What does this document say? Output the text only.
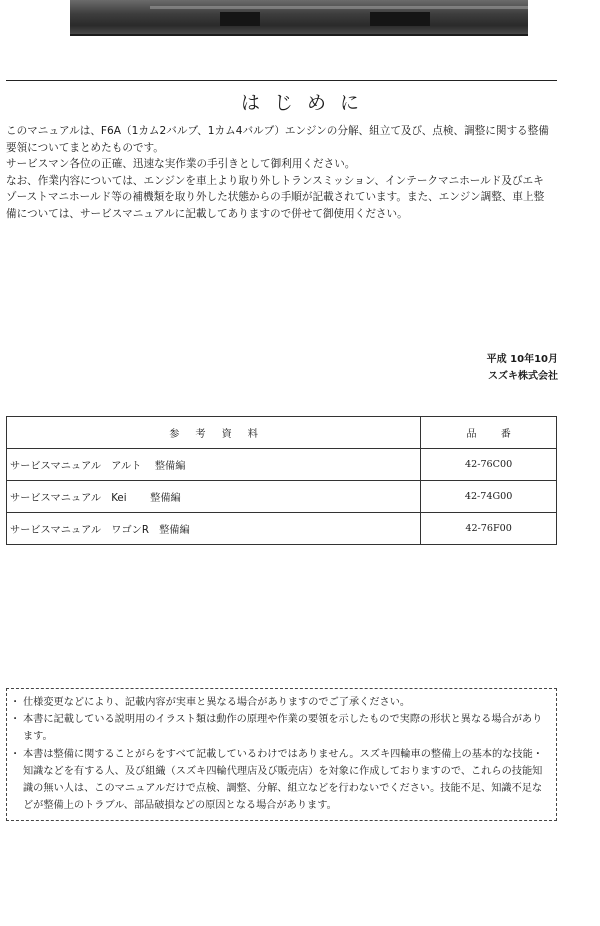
はじめに

このマニュアルは、F6A（1カム2バルブ、1カム4バルブ）エンジンの分解、組立て及び、点検、調整に関する整備

要領についてまとめたものです。

サービスマン各位の正確、迅速な実作業の手引きとして御利用ください。

なお、作業内容については、エンジンを車上より取り外しトランスミッション、インテークマニホールド及びエキ

ゾーストマニホールド等の補機類を取り外した状態からの手順が記載されています。また、エンジン調整、車上整

備については、サービスマニュアルに記載してありますので併せて御使用ください。

平成 10年10月
スズキ株式会社
参考資料	品番
サービスマニュアル　アルト　 整備編	42-76C00
サービスマニュアル　Kei　　 整備編	42-74G00
サービスマニュアル　ワゴンR　整備編	42-76F00
・ 仕様変更などにより、記載内容が実車と異なる場合がありますのでご了承ください。
・ 本書に記載している説明用のイラスト類は動作の原理や作業の要領を示したもので実際の形状と異なる場合があります。
・ 本書は整備に関することがらをすべて記載しているわけではありません。スズキ四輪車の整備上の基本的な技能・知識などを有する人、及び組織（スズキ四輪代理店及び販売店）を対象に作成しておりますので、これらの技能知識の無い人は、このマニュアルだけで点検、調整、分解、組立などを行わないでください。技能不足、知識不足などが整備上のトラブル、部品破損などの原因となる場合があります。
